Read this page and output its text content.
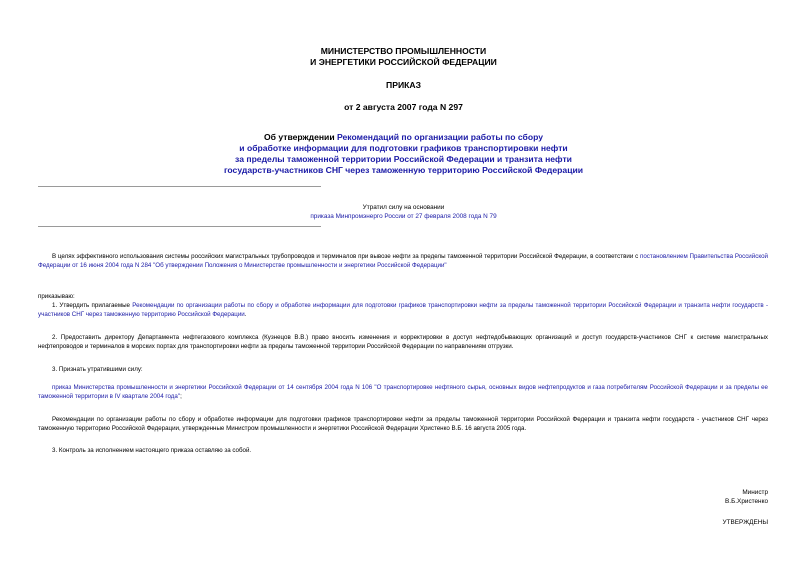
МИНИСТЕРСТВО ПРОМЫШЛЕННОСТИ
И ЭНЕРГЕТИКИ РОССИЙСКОЙ ФЕДЕРАЦИИ
ПРИКАЗ
от 2 августа 2007 года N 297
Об утверждении Рекомендаций по организации работы по сбору
и обработке информации для подготовки графиков транспортировки нефти
за пределы таможенной территории Российской Федерации и транзита нефти
государств-участников СНГ через таможенную территорию Российской Федерации
Утратил силу на основании
приказа Минпромэнерго России от 27 февраля 2008 года N 79

В целях эффективного использования системы российских магистральных трубопроводов и терминалов при вывозе нефти за пределы таможенной территории Российской Федерации, в соответствии с постановлением Правительства Российской Федерации от 16 июня 2004 года N 284 "Об утверждении Положения о Министерстве промышленности и энергетики Российской Федерации"

приказываю:

1. Утвердить прилагаемые Рекомендации по организации работы по сбору и обработке информации для подготовки графиков транспортировки нефти за пределы таможенной территории Российской Федерации и транзита нефти государств - участников СНГ через таможенную территорию Российской Федерации.

2. Предоставить директору Департамента нефтегазового комплекса (Кузнецов В.В.) право вносить изменения и корректировки в доступ нефтедобывающих организаций и доступ государств-участников СНГ к системе магистральных нефтепроводов и терминалов в морских портах для транспортировки нефти за пределы таможенной территории Российской Федерации по направлениям отгрузки.

3. Признать утратившими силу:

приказ Министерства промышленности и энергетики Российской Федерации от 14 сентября 2004 года N 106 "О транспортировке нефтяного сырья, основных видов нефтепродуктов и газа потребителям Российской Федерации и за пределы ее таможенной территории в IV квартале 2004 года";

Рекомендации по организации работы по сбору и обработке информации для подготовки графиков транспортировки нефти за пределы таможенной территории Российской Федерации и транзита нефти государств - участников СНГ через таможенную территорию Российской Федерации, утвержденные Министром промышленности и энергетики Российской Федерации Христенко В.Б. 16 августа 2005 года.

3. Контроль за исполнением настоящего приказа оставляю за собой.

Министр
В.Б.Христенко
УТВЕРЖДЕНЫ
